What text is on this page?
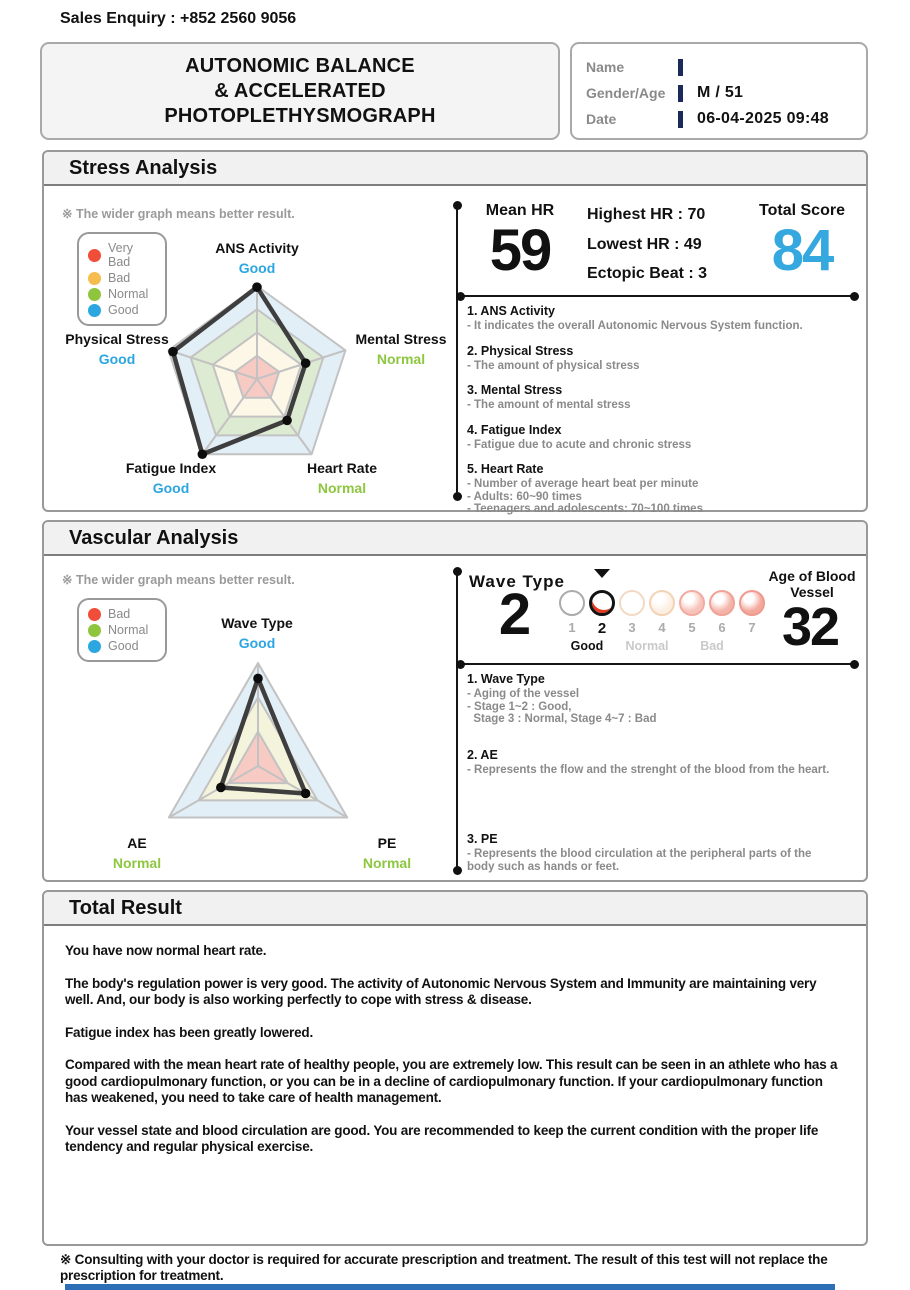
Sales Enquiry : +852 2560 9056
AUTONOMIC BALANCE
& ACCELERATED
PHOTOPLETHYSMOGRAPH
Name
Gender/Age	M / 51
Date	06-04-2025 09:48
Stress Analysis
※ The wider graph means better result.
Very Bad
Bad
Normal
Good
ANS Activity
Good
Mental Stress
Normal
Heart Rate
Normal
Fatigue Index
Good
Physical Stress
Good
Mean HR
59
Highest HR : 70
Lowest HR : 49
Ectopic Beat : 3
Total Score
84
1. ANS Activity
- It indicates the overall Autonomic Nervous System function.
2. Physical Stress
- The amount of physical stress
3. Mental Stress
- The amount of mental stress
4. Fatigue Index
- Fatigue due to acute and chronic stress
5. Heart Rate
- Number of average heart beat per minute
- Adults: 60~90 times
- Teenagers and adolescents: 70~100 times
Vascular Analysis
※ The wider graph means better result.
Bad
Normal
Good
Wave Type
Good
AE
Normal
PE
Normal
Wave Type
2	1	2	3	4	5	6	7
Good	Normal	Bad
Age of Blood
Vessel
32
1. Wave Type
- Aging of the vessel
- Stage 1~2 : Good,
Stage 3 : Normal, Stage 4~7 : Bad
2. AE
- Represents the flow and the strenght of the blood from the heart.
3. PE
- Represents the blood circulation at the peripheral parts of the
body such as hands or feet.
Total Result

You have now normal heart rate.

The body's regulation power is very good. The activity of Autonomic Nervous System and Immunity are maintaining very well. And, our body is also working perfectly to cope with stress & disease.

Fatigue index has been greatly lowered.

Compared with the mean heart rate of healthy people, you are extremely low. This result can be seen in an athlete who has a good cardiopulmonary function, or you can be in a decline of cardiopulmonary function. If your cardiopulmonary function has weakened, you need to take care of health management.

Your vessel state and blood circulation are good. You are recommended to keep the current condition with the proper life tendency and regular physical exercise.

※ Consulting with your doctor is required for accurate prescription and treatment. The result of this test will not replace the prescription for treatment.
